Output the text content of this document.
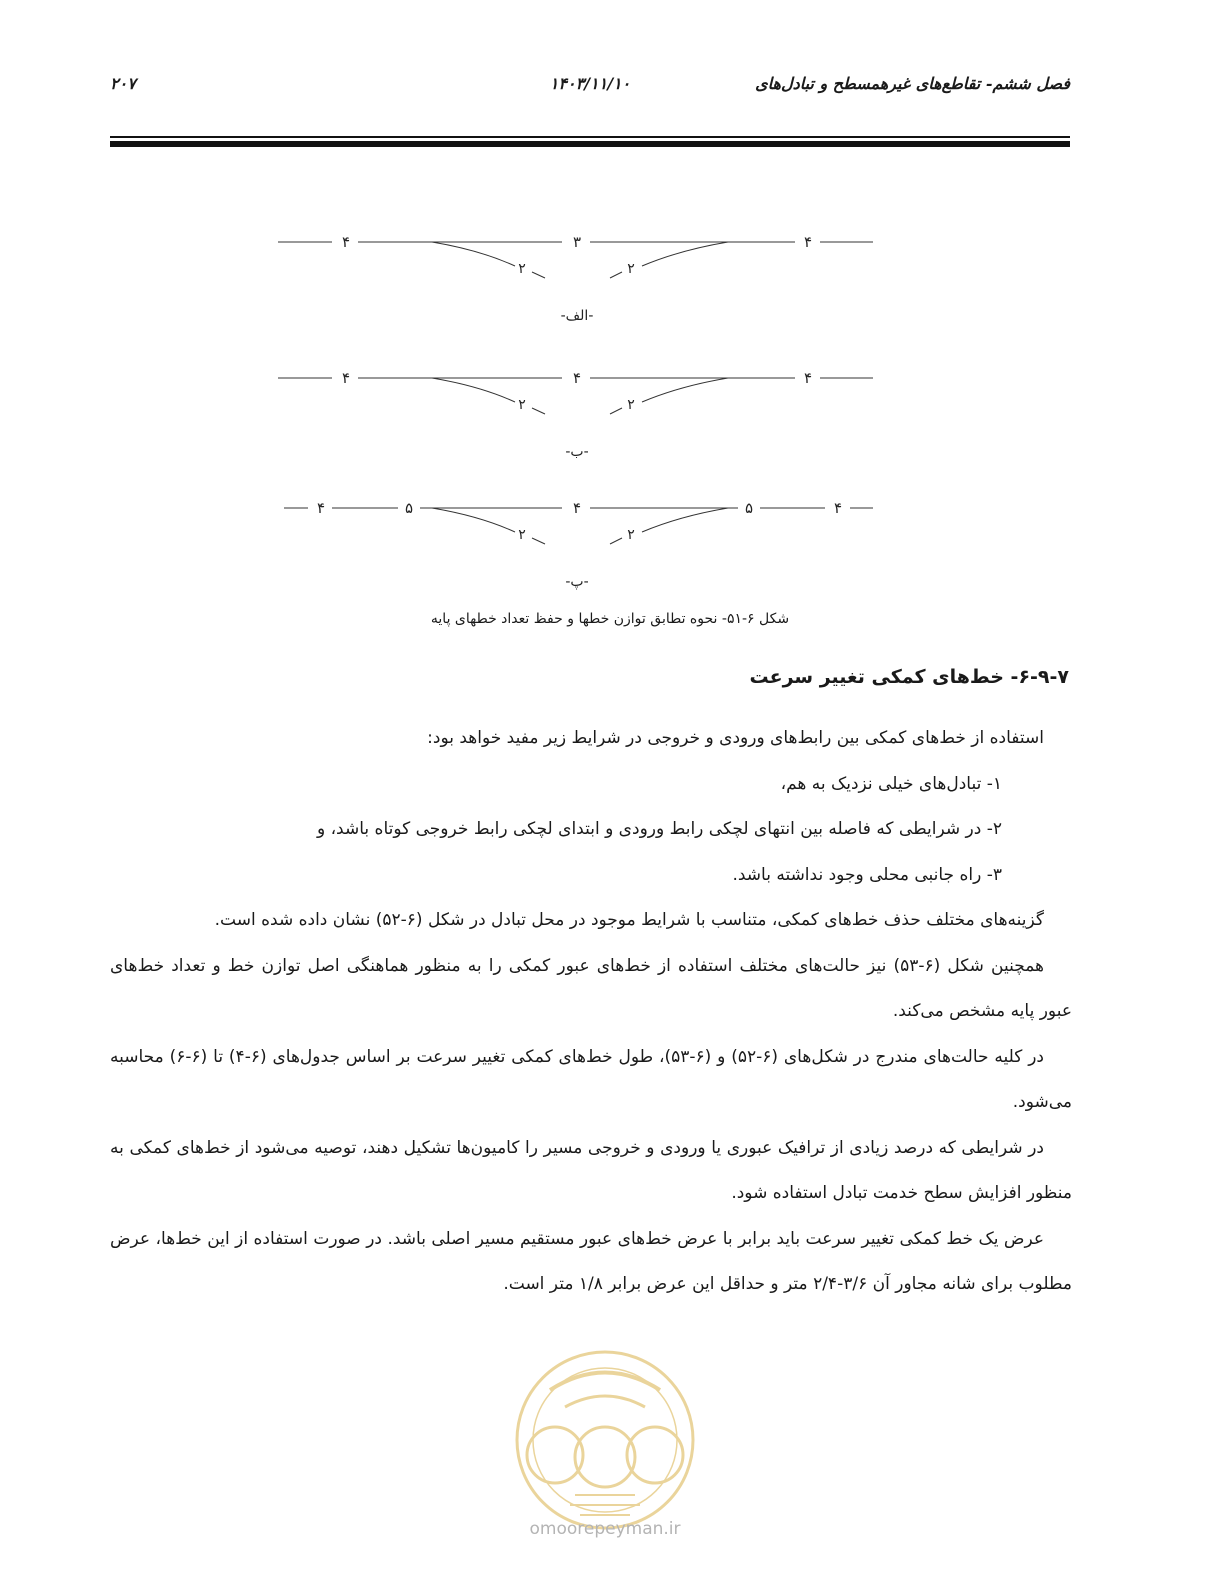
فصل ششم- تقاطع‌های غیرهمسطح و تبادل‌های
۱۴۰۳/۱۱/۱۰
۲۰۷
۴	۳	۴
۲	۲
-الف-
۴	۴	۴
۲	۲
-ب-
۴	۵	۴	۵	۴
۲	۲
-پ-
شکل ۶-۵۱- نحوه تطابق توازن خطها و حفظ تعداد خطهای پایه
۶-۹-۷- خط‌های کمکی تغییر سرعت

استفاده از خط‌های کمکی بین رابط‌های ورودی و خروجی در شرایط زیر مفید خواهد بود:

۱- تبادل‌های خیلی نزدیک به هم،

۲- در شرایطی که فاصله بین انتهای لچکی رابط ورودی و ابتدای لچکی رابط خروجی کوتاه باشد، و

۳- راه جانبی محلی وجود نداشته باشد.

گزینه‌های مختلف حذف خط‌های کمکی، متناسب با شرایط موجود در محل تبادل در شکل (۶-۵۲) نشان داده شده است.

همچنین شکل (۶-۵۳) نیز حالت‌های مختلف استفاده از خط‌های عبور کمکی را به منظور هماهنگی اصل توازن خط و تعداد خط‌های عبور پایه مشخص می‌کند.

در کلیه حالت‌های مندرج در شکل‌های (۶-۵۲) و (۶-۵۳)، طول خط‌های کمکی تغییر سرعت بر اساس جدول‌های (۶-۴) تا (۶-۶) محاسبه می‌شود.

در شرایطی که درصد زیادی از ترافیک عبوری یا ورودی و خروجی مسیر را کامیون‌ها تشکیل دهند، توصیه می‌شود از خط‌های کمکی به منظور افزایش سطح خدمت تبادل استفاده شود.

عرض یک خط کمکی تغییر سرعت باید برابر با عرض خط‌های عبور مستقیم مسیر اصلی باشد. در صورت استفاده از این خط‌ها، عرض مطلوب برای شانه مجاور آن ۳/۶-۲/۴ متر و حداقل این عرض برابر ۱/۸ متر است.

omoorepeyman.ir
